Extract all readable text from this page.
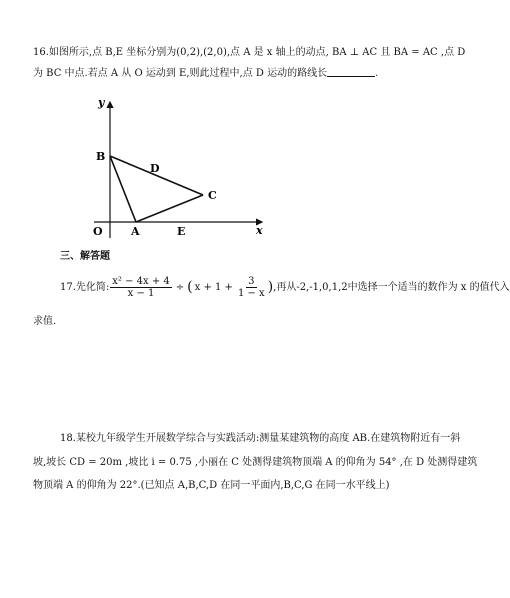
16.如图所示,点 B,E 坐标分别为(0,2),(2,0),点 A 是 x 轴上的动点, BA ⊥ AC 且 BA = AC ,点 D
为 BC 中点.若点 A 从 O 运动到 E,则此过程中,点 D 运动的路线长	.
y
x
O
B
D
C
A	E
三、解答题
17.先化简: $\frac{\text{x² − 4x + 4}}{x - 1}$ ÷ ( $x + 1 + \frac{3}{1 - x}$ ) ,再从-2,-1,0,1,2中选择一个适当的数作为 x 的值代入
求值.
18.某校九年级学生开展数学综合与实践活动:测量某建筑物的高度 AB.在建筑物附近有一斜
坡,坡长 CD = 20m ,坡比 i = 0.75 ,小丽在 C 处测得建筑物顶端 A 的仰角为 54° ,在 D 处测得建筑
物顶端 A 的仰角为 22°.(已知点 A,B,C,D 在同一平面内,B,C,G 在同一水平线上)
